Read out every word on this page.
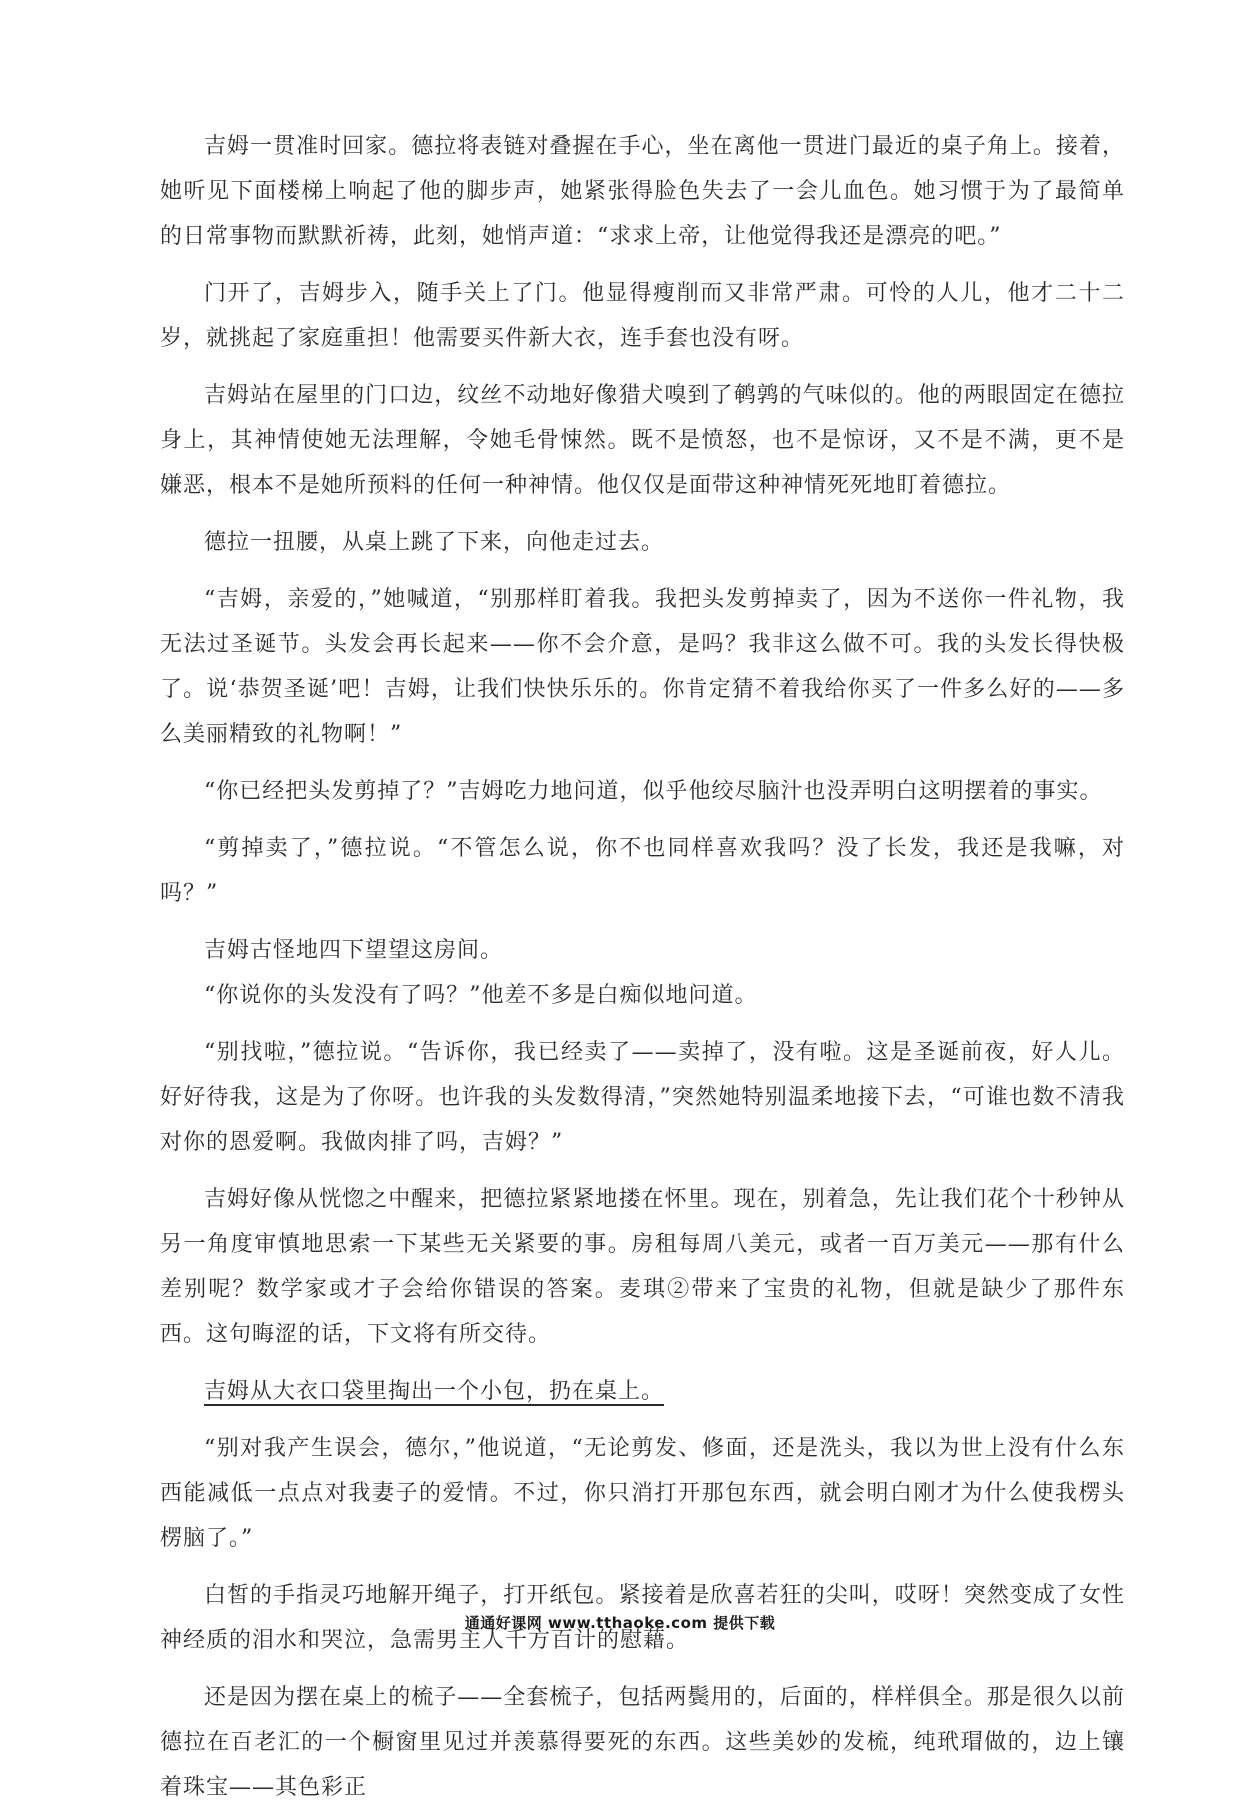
吉姆一贯准时回家。德拉将表链对叠握在手心，坐在离他一贯进门最近的桌子角上。接着，她听见下面楼梯上响起了他的脚步声，她紧张得脸色失去了一会儿血色。她习惯于为了最简单的日常事物而默默祈祷，此刻，她悄声道：“求求上帝，让他觉得我还是漂亮的吧。”

门开了，吉姆步入，随手关上了门。他显得瘦削而又非常严肃。可怜的人儿，他才二十二岁，就挑起了家庭重担！他需要买件新大衣，连手套也没有呀。

吉姆站在屋里的门口边，纹丝不动地好像猎犬嗅到了鹌鹑的气味似的。他的两眼固定在德拉身上，其神情使她无法理解，令她毛骨悚然。既不是愤怒，也不是惊讶，又不是不满，更不是嫌恶，根本不是她所预料的任何一种神情。他仅仅是面带这种神情死死地盯着德拉。

德拉一扭腰，从桌上跳了下来，向他走过去。

“吉姆，亲爱的，”她喊道，“别那样盯着我。我把头发剪掉卖了，因为不送你一件礼物，我无法过圣诞节。头发会再长起来——你不会介意，是吗？我非这么做不可。我的头发长得快极了。说‘恭贺圣诞’吧！吉姆，让我们快快乐乐的。你肯定猜不着我给你买了一件多么好的——多么美丽精致的礼物啊！”

“你已经把头发剪掉了？”吉姆吃力地问道，似乎他绞尽脑汁也没弄明白这明摆着的事实。

“剪掉卖了，”德拉说。“不管怎么说，你不也同样喜欢我吗？没了长发，我还是我嘛，对吗？”

吉姆古怪地四下望望这房间。

“你说你的头发没有了吗？”他差不多是白痴似地问道。

“别找啦，”德拉说。“告诉你，我已经卖了——卖掉了，没有啦。这是圣诞前夜，好人儿。好好待我，这是为了你呀。也许我的头发数得清，”突然她特别温柔地接下去，“可谁也数不清我对你的恩爱啊。我做肉排了吗，吉姆？”

吉姆好像从恍惚之中醒来，把德拉紧紧地搂在怀里。现在，别着急，先让我们花个十秒钟从另一角度审慎地思索一下某些无关紧要的事。房租每周八美元，或者一百万美元——那有什么差别呢？数学家或才子会给你错误的答案。麦琪②带来了宝贵的礼物，但就是缺少了那件东西。这句晦涩的话，下文将有所交待。

吉姆从大衣口袋里掏出一个小包，扔在桌上。

“别对我产生误会，德尔，”他说道，“无论剪发、修面，还是洗头，我以为世上没有什么东西能减低一点点对我妻子的爱情。不过，你只消打开那包东西，就会明白刚才为什么使我楞头楞脑了。”

白皙的手指灵巧地解开绳子，打开纸包。紧接着是欣喜若狂的尖叫，哎呀！突然变成了女性神经质的泪水和哭泣，急需男主人千方百计的慰藉。

还是因为摆在桌上的梳子——全套梳子，包括两鬓用的，后面的，样样俱全。那是很久以前德拉在百老汇的一个橱窗里见过并羡慕得要死的东西。这些美妙的发梳，纯玳瑁做的，边上镶着珠宝——其色彩正

通通好课网 www.tthaoke.com 提供下载
